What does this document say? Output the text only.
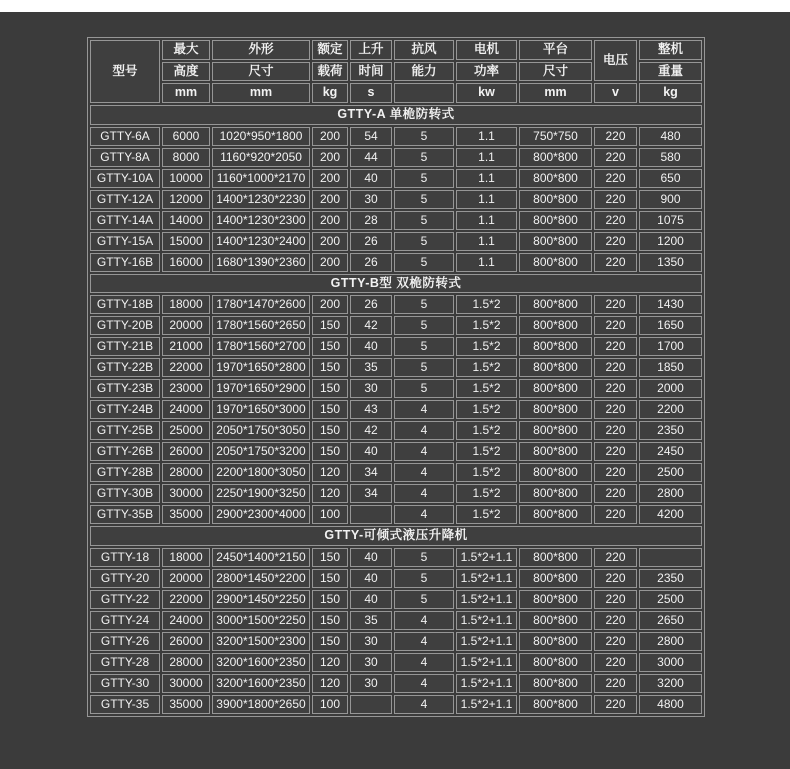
型号	最大	外形	额定	上升	抗风	电机	平台	电压	整机
	高度	尺寸	载荷	时间	能力	功率	尺寸		重量
	mm	mm	kg	s		kw	mm	v	kg
GTTY-A 单桅防转式									
GTTY-6A	6000	1020*950*1800	200	54	5	1.1	750*750	220	480
GTTY-8A	8000	1160*920*2050	200	44	5	1.1	800*800	220	580
GTTY-10A	10000	1160*1000*2170	200	40	5	1.1	800*800	220	650
GTTY-12A	12000	1400*1230*2230	200	30	5	1.1	800*800	220	900
GTTY-14A	14000	1400*1230*2300	200	28	5	1.1	800*800	220	1075
GTTY-15A	15000	1400*1230*2400	200	26	5	1.1	800*800	220	1200
GTTY-16B	16000	1680*1390*2360	200	26	5	1.1	800*800	220	1350
GTTY-B型 双桅防转式									
GTTY-18B	18000	1780*1470*2600	200	26	5	1.5*2	800*800	220	1430
GTTY-20B	20000	1780*1560*2650	150	42	5	1.5*2	800*800	220	1650
GTTY-21B	21000	1780*1560*2700	150	40	5	1.5*2	800*800	220	1700
GTTY-22B	22000	1970*1650*2800	150	35	5	1.5*2	800*800	220	1850
GTTY-23B	23000	1970*1650*2900	150	30	5	1.5*2	800*800	220	2000
GTTY-24B	24000	1970*1650*3000	150	43	4	1.5*2	800*800	220	2200
GTTY-25B	25000	2050*1750*3050	150	42	4	1.5*2	800*800	220	2350
GTTY-26B	26000	2050*1750*3200	150	40	4	1.5*2	800*800	220	2450
GTTY-28B	28000	2200*1800*3050	120	34	4	1.5*2	800*800	220	2500
GTTY-30B	30000	2250*1900*3250	120	34	4	1.5*2	800*800	220	2800
GTTY-35B	35000	2900*2300*4000	100		4	1.5*2	800*800	220	4200
GTTY-可倾式液压升降机									
GTTY-18	18000	2450*1400*2150	150	40	5	1.5*2+1.1	800*800	220	
GTTY-20	20000	2800*1450*2200	150	40	5	1.5*2+1.1	800*800	220	2350
GTTY-22	22000	2900*1450*2250	150	40	5	1.5*2+1.1	800*800	220	2500
GTTY-24	24000	3000*1500*2250	150	35	4	1.5*2+1.1	800*800	220	2650
GTTY-26	26000	3200*1500*2300	150	30	4	1.5*2+1.1	800*800	220	2800
GTTY-28	28000	3200*1600*2350	120	30	4	1.5*2+1.1	800*800	220	3000
GTTY-30	30000	3200*1600*2350	120	30	4	1.5*2+1.1	800*800	220	3200
GTTY-35	35000	3900*1800*2650	100		4	1.5*2+1.1	800*800	220	4800
